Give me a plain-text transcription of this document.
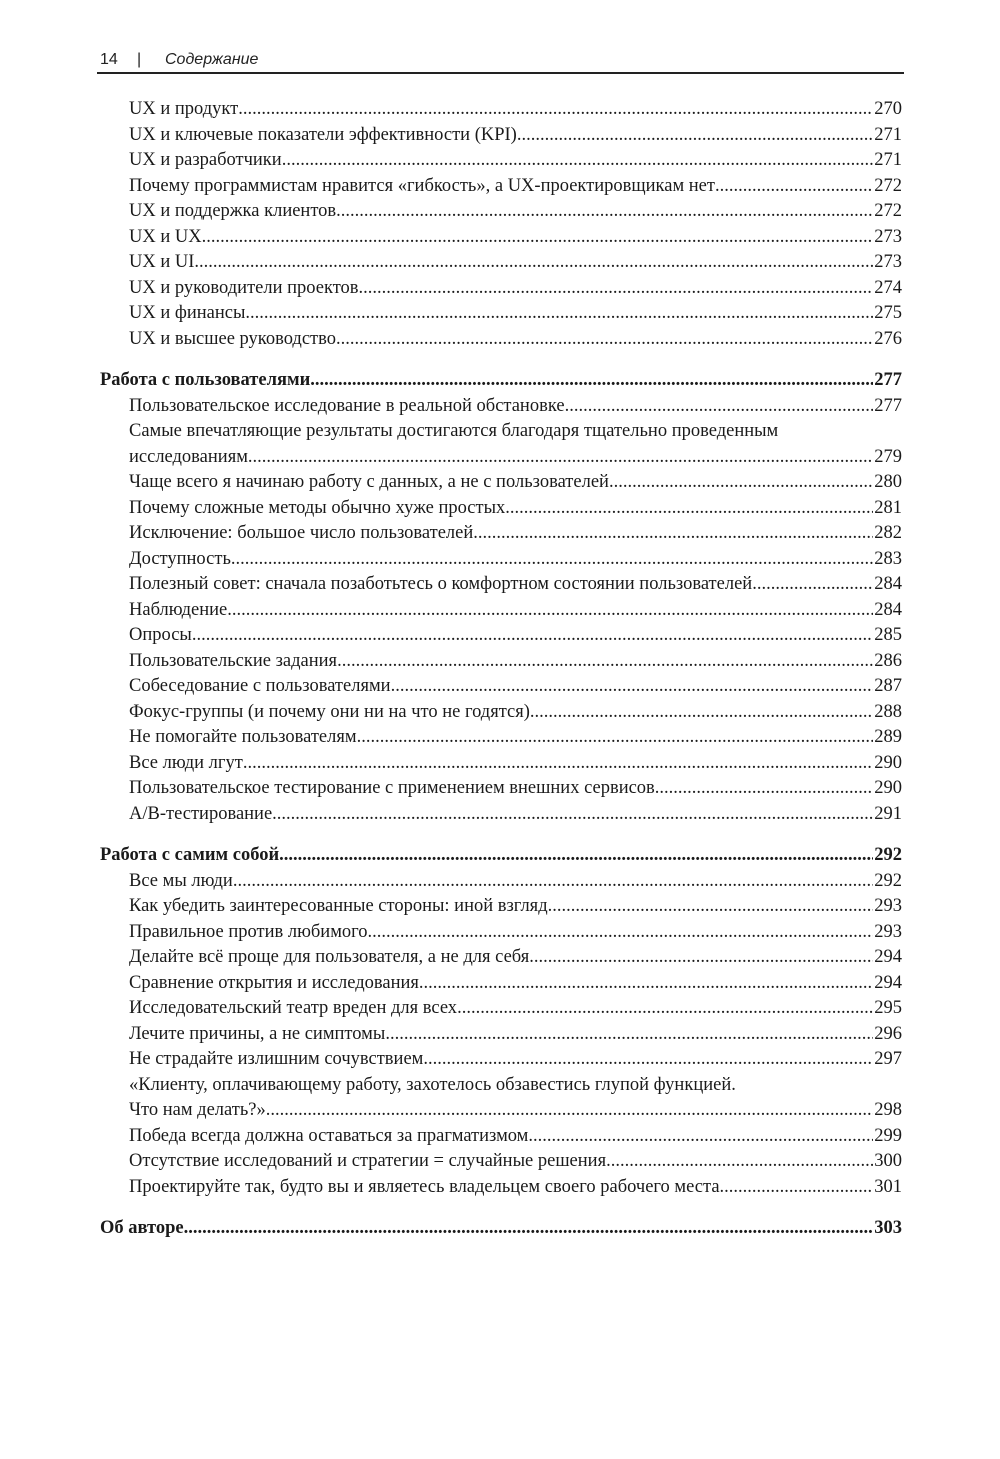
14 | Содержание
UX и продукт .....	270
UX и ключевые показатели эффективности (KPI) .....	271
UX и разработчики .....	271
Почему программистам нравится «гибкость», а UX-проектировщикам нет .....	272
UX и поддержка клиентов .....	272
UX и UX .....	273
UX и UI .....	273
UX и руководители проектов .....	274
UX и финансы .....	275
UX и высшее руководство .....	276
Работа с пользователями .....	277
Пользовательское исследование в реальной обстановке .....	277
Самые впечатляющие результаты достигаются благодаря тщательно проведенным
исследованиям .....	279
Чаще всего я начинаю работу с данных, а не с пользователей .....	280
Почему сложные методы обычно хуже простых .....	281
Исключение: большое число пользователей .....	282
Доступность .....	283
Полезный совет: сначала позаботьтесь о комфортном состоянии пользователей .....	284
Наблюдение .....	284
Опросы .....	285
Пользовательские задания .....	286
Собеседование с пользователями .....	287
Фокус-группы (и почему они ни на что не годятся) .....	288
Не помогайте пользователям .....	289
Все люди лгут .....	290
Пользовательское тестирование с применением внешних сервисов .....	290
A/B-тестирование .....	291
Работа с самим собой .....	292
Все мы люди .....	292
Как убедить заинтересованные стороны: иной взгляд .....	293
Правильное против любимого .....	293
Делайте всё проще для пользователя, а не для себя .....	294
Сравнение открытия и исследования .....	294
Исследовательский театр вреден для всех .....	295
Лечите причины, а не симптомы .....	296
Не страдайте излишним сочувствием .....	297
«Клиенту, оплачивающему работу, захотелось обзавестись глупой функцией.
Что нам делать?» .....	298
Победа всегда должна оставаться за прагматизмом .....	299
Отсутствие исследований и стратегии = случайные решения .....	300
Проектируйте так, будто вы и являетесь владельцем своего рабочего места .....	301
Об авторе .....	303
